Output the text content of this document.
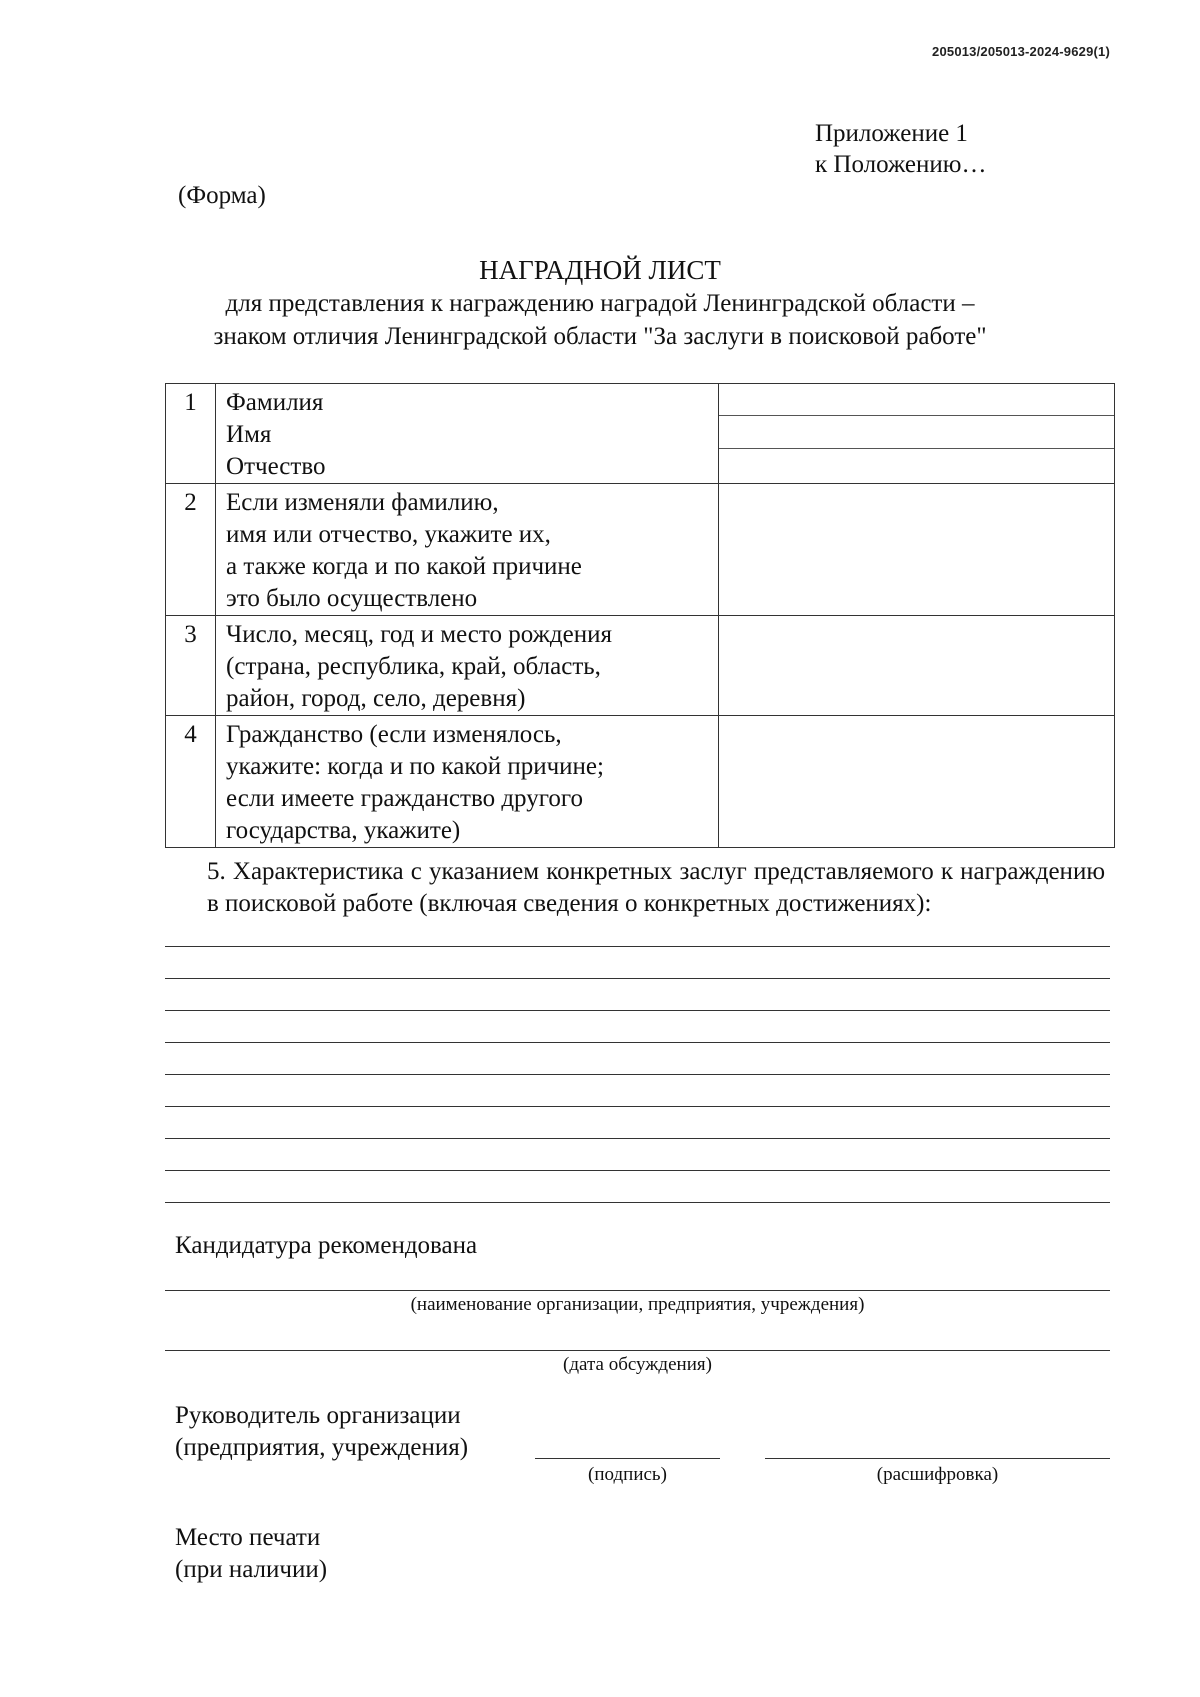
205013/205013-2024-9629(1)
Приложение 1
к Положению…
(Форма)
НАГРАДНОЙ ЛИСТ
для представления к награждению наградой Ленинградской области –
знаком отличия Ленинградской области "За заслуги в поисковой работе"
1	Фамилия
Имя
Отчество	

2	Если изменяли фамилию,
имя или отчество, укажите их,
а также когда и по какой причине
это было осуществлено	

3	Число, месяц, год и место рождения
(страна, республика, край, область,
район, город, село, деревня)	

4	Гражданство (если изменялось,
укажите: когда и по какой причине;
если имеете гражданство другого
государства, укажите)	

5. Характеристика с указанием конкретных заслуг представляемого к награждению в поисковой работе (включая сведения о конкретных достижениях):
Кандидатура рекомендована
(наименование организации, предприятия, учреждения)
(дата обсуждения)
Руководитель организации
(предприятия, учреждения)
(подпись)	(расшифровка)
Место печати
(при наличии)
